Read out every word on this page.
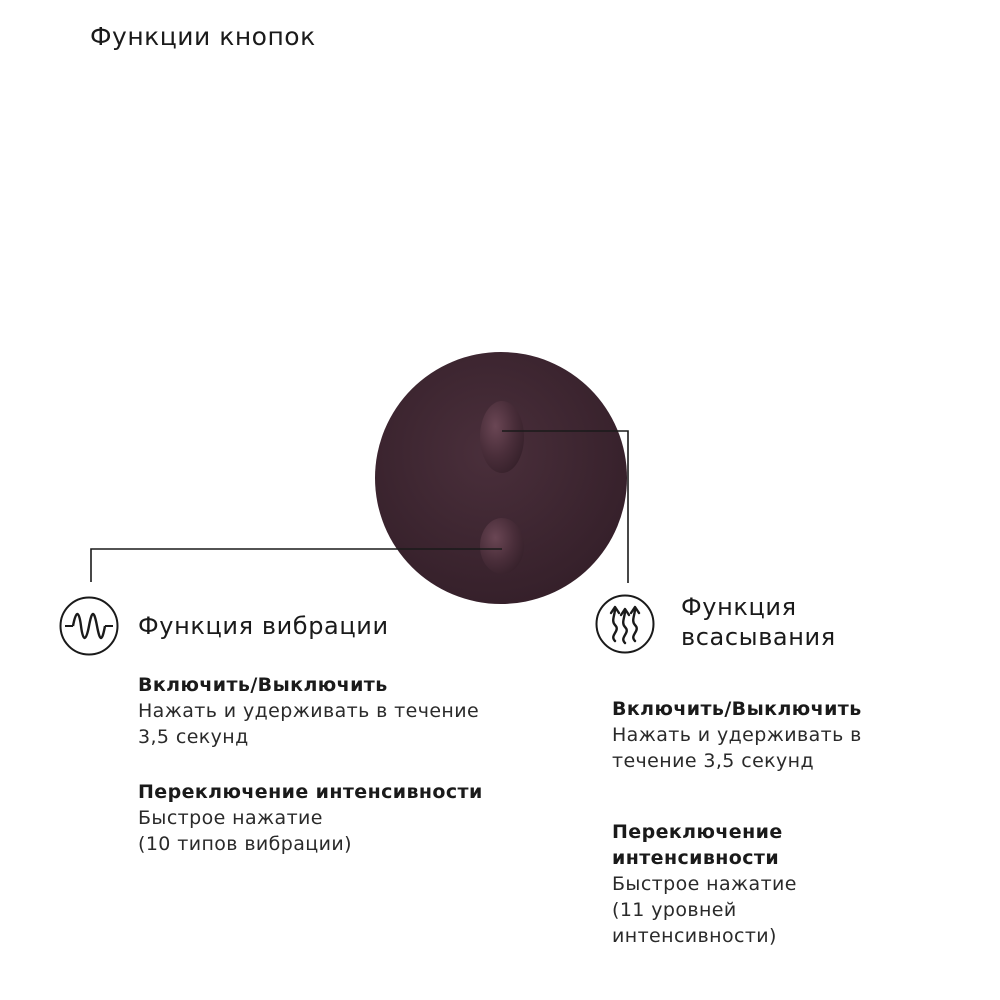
Функции кнопок
Функция вибрации
Включить/Выключить
Нажать и удерживать в течение
3,5 секунд
Переключение интенсивности
Быстрое нажатие
(10 типов вибрации)
Функция
всасывания
Включить/Выключить
Нажать и удерживать в
течение 3,5 секунд
Переключение
интенсивности
Быстрое нажатие
(11 уровней
интенсивности)
